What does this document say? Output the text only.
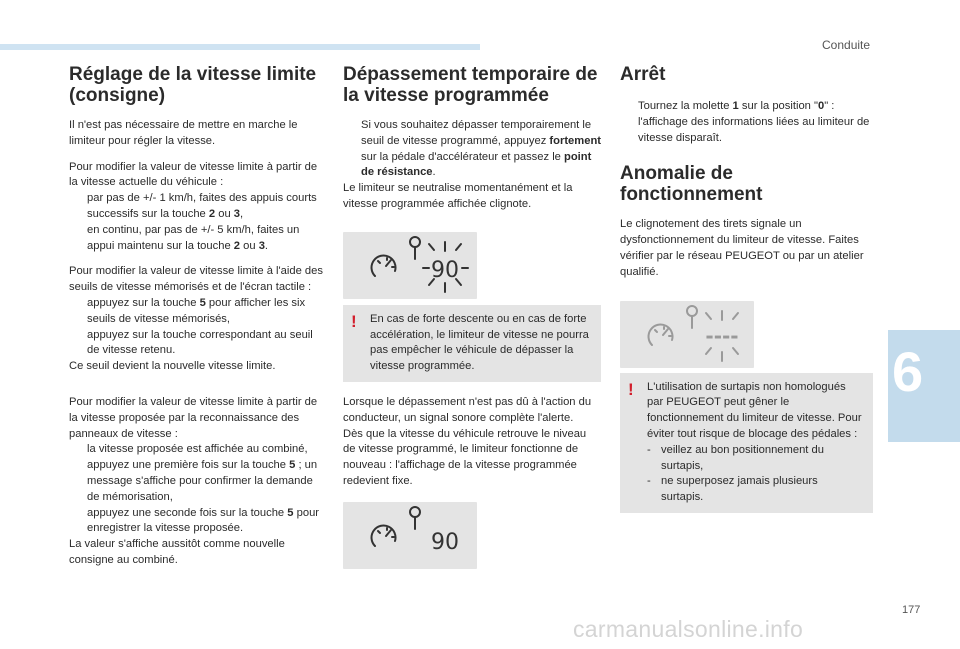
Conduite
6
177
Réglage de la vitesse limite
(consigne)

Il n'est pas nécessaire de mettre en marche le limiteur pour régler la vitesse.

Pour modifier la valeur de vitesse limite à partir de la vitesse actuelle du véhicule :
par pas de +/- 1 km/h, faites des appuis courts successifs sur la touche 2 ou 3,
en continu, par pas de +/- 5 km/h, faites un appui maintenu sur la touche 2 ou 3.
Pour modifier la valeur de vitesse limite à l'aide des seuils de vitesse mémorisés et de l'écran tactile :
appuyez sur la touche 5 pour afficher les six seuils de vitesse mémorisés,
appuyez sur la touche correspondant au seuil de vitesse retenu.
Ce seuil devient la nouvelle vitesse limite.
Pour modifier la valeur de vitesse limite à partir de la vitesse proposée par la reconnaissance des panneaux de vitesse :
la vitesse proposée est affichée au combiné,
appuyez une première fois sur la touche 5 ; un message s'affiche pour confirmer la demande de mémorisation,
appuyez une seconde fois sur la touche 5 pour enregistrer la vitesse proposée.
La valeur s'affiche aussitôt comme nouvelle consigne au combiné.
Dépassement temporaire de
la vitesse programmée
Si vous souhaitez dépasser temporairement le seuil de vitesse programmé, appuyez fortement sur la pédale d'accélérateur et passez le point de résistance.

Le limiteur se neutralise momentanément et la vitesse programmée affichée clignote.

90
! En cas de forte descente ou en cas de forte accélération, le limiteur de vitesse ne pourra pas empêcher le véhicule de dépasser la vitesse programmée.

Lorsque le dépassement n'est pas dû à l'action du conducteur, un signal sonore complète l'alerte.

Dès que la vitesse du véhicule retrouve le niveau de vitesse programmé, le limiteur fonctionne de nouveau : l'affichage de la vitesse programmée redevient fixe.

90
Arrêt
Tournez la molette 1 sur la position "0" : l'affichage des informations liées au limiteur de vitesse disparaît.
Anomalie de
fonctionnement

Le clignotement des tirets signale un dysfonctionnement du limiteur de vitesse. Faites vérifier par le réseau PEUGEOT ou par un atelier qualifié.

----
! L'utilisation de surtapis non homologués par PEUGEOT peut gêner le fonctionnement du limiteur de vitesse. Pour éviter tout risque de blocage des pédales :
- veillez au bon positionnement du surtapis,
- ne superposez jamais plusieurs surtapis.
carmanualsonline.info
